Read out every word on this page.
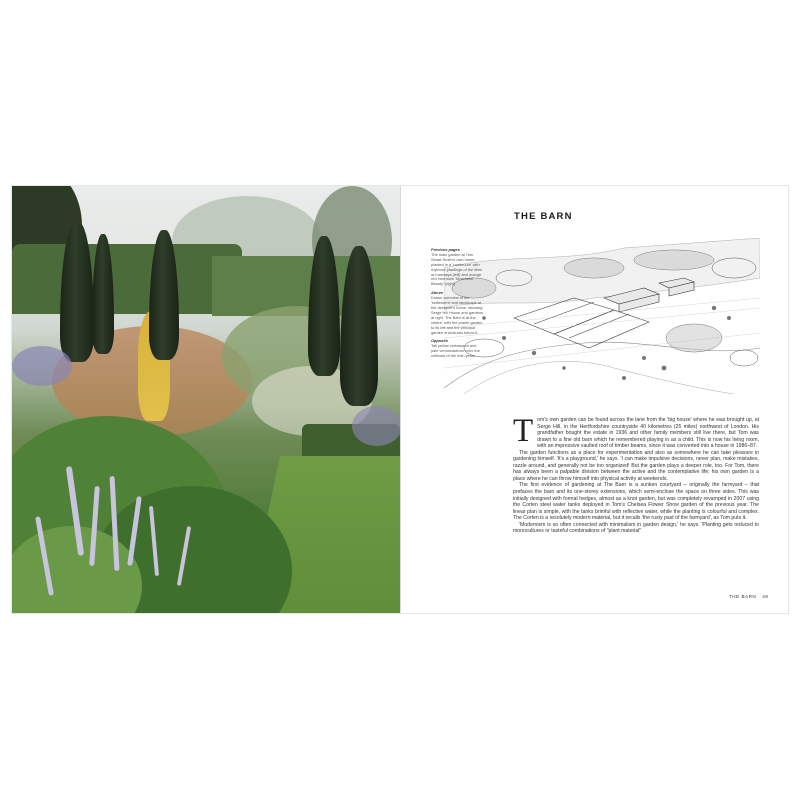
THE BARN
Previous pages
The main garden at Tom Stuart-Smith's own home, planted in a 'continuum' with rhythmic plantings of the likes of marrasya (left) and orange red Helenium 'Moerheim Beauty' (right).
Above
Drawn overview of the 'settlement' and landscape at the designer's home, showing Serge Hill House and gardens at right. The Barn is at the centre, with the prairie garden to its left and the principal garden enclosures below it.
Opposite
Tall yellow verbascum and pale veronicastrum echo the verticals of the Irish yews.

Tom's own garden can be found across the lane from the 'big house' where he was brought up, at Serge Hill, in the Hertfordshire countryside 40 kilometres (25 miles) northwest of London. His grandfather bought the estate in 1936 and other family members still live there, but Tom was drawn to a fine old barn which he remembered playing in as a child. This is now his living room, with an impressive vaulted roof of timber beams, since it was converted into a house in 1986–87.

The garden functions as a place for experimentation and also as somewhere he can take pleasure in gardening himself. 'It's a playground,' he says. 'I can make impulsive decisions, never plan, make mistakes, razzle around, and generally not be too organized! But the garden plays a deeper role, too. For Tom, there has always been a palpable division between the active and the contemplative life; his own garden is a place where he can throw himself into physical activity at weekends.

The first evidence of gardening at The Barn is a sunken courtyard – originally the farmyard – that prefaces the barn and its one-storey extensions, which semi-enclose the space on three sides. This was initially designed with formal hedges, almost as a knot garden, but was completely revamped in 2007 using the Corten steel water tanks deployed in Tom's Chelsea Flower Show garden of the previous year. The linear plan is simple, with the tanks brimful with reflective water, while the planting is colourful and complex. The Corten is a resolutely modern material, but it recalls 'the rusty past of the farmyard', as Tom puts it.

'Modernism is so often connected with minimalism in garden design,' he says. 'Planting gets reduced to monocultures or tasteful combinations of "plant material"

THE BARN 49
